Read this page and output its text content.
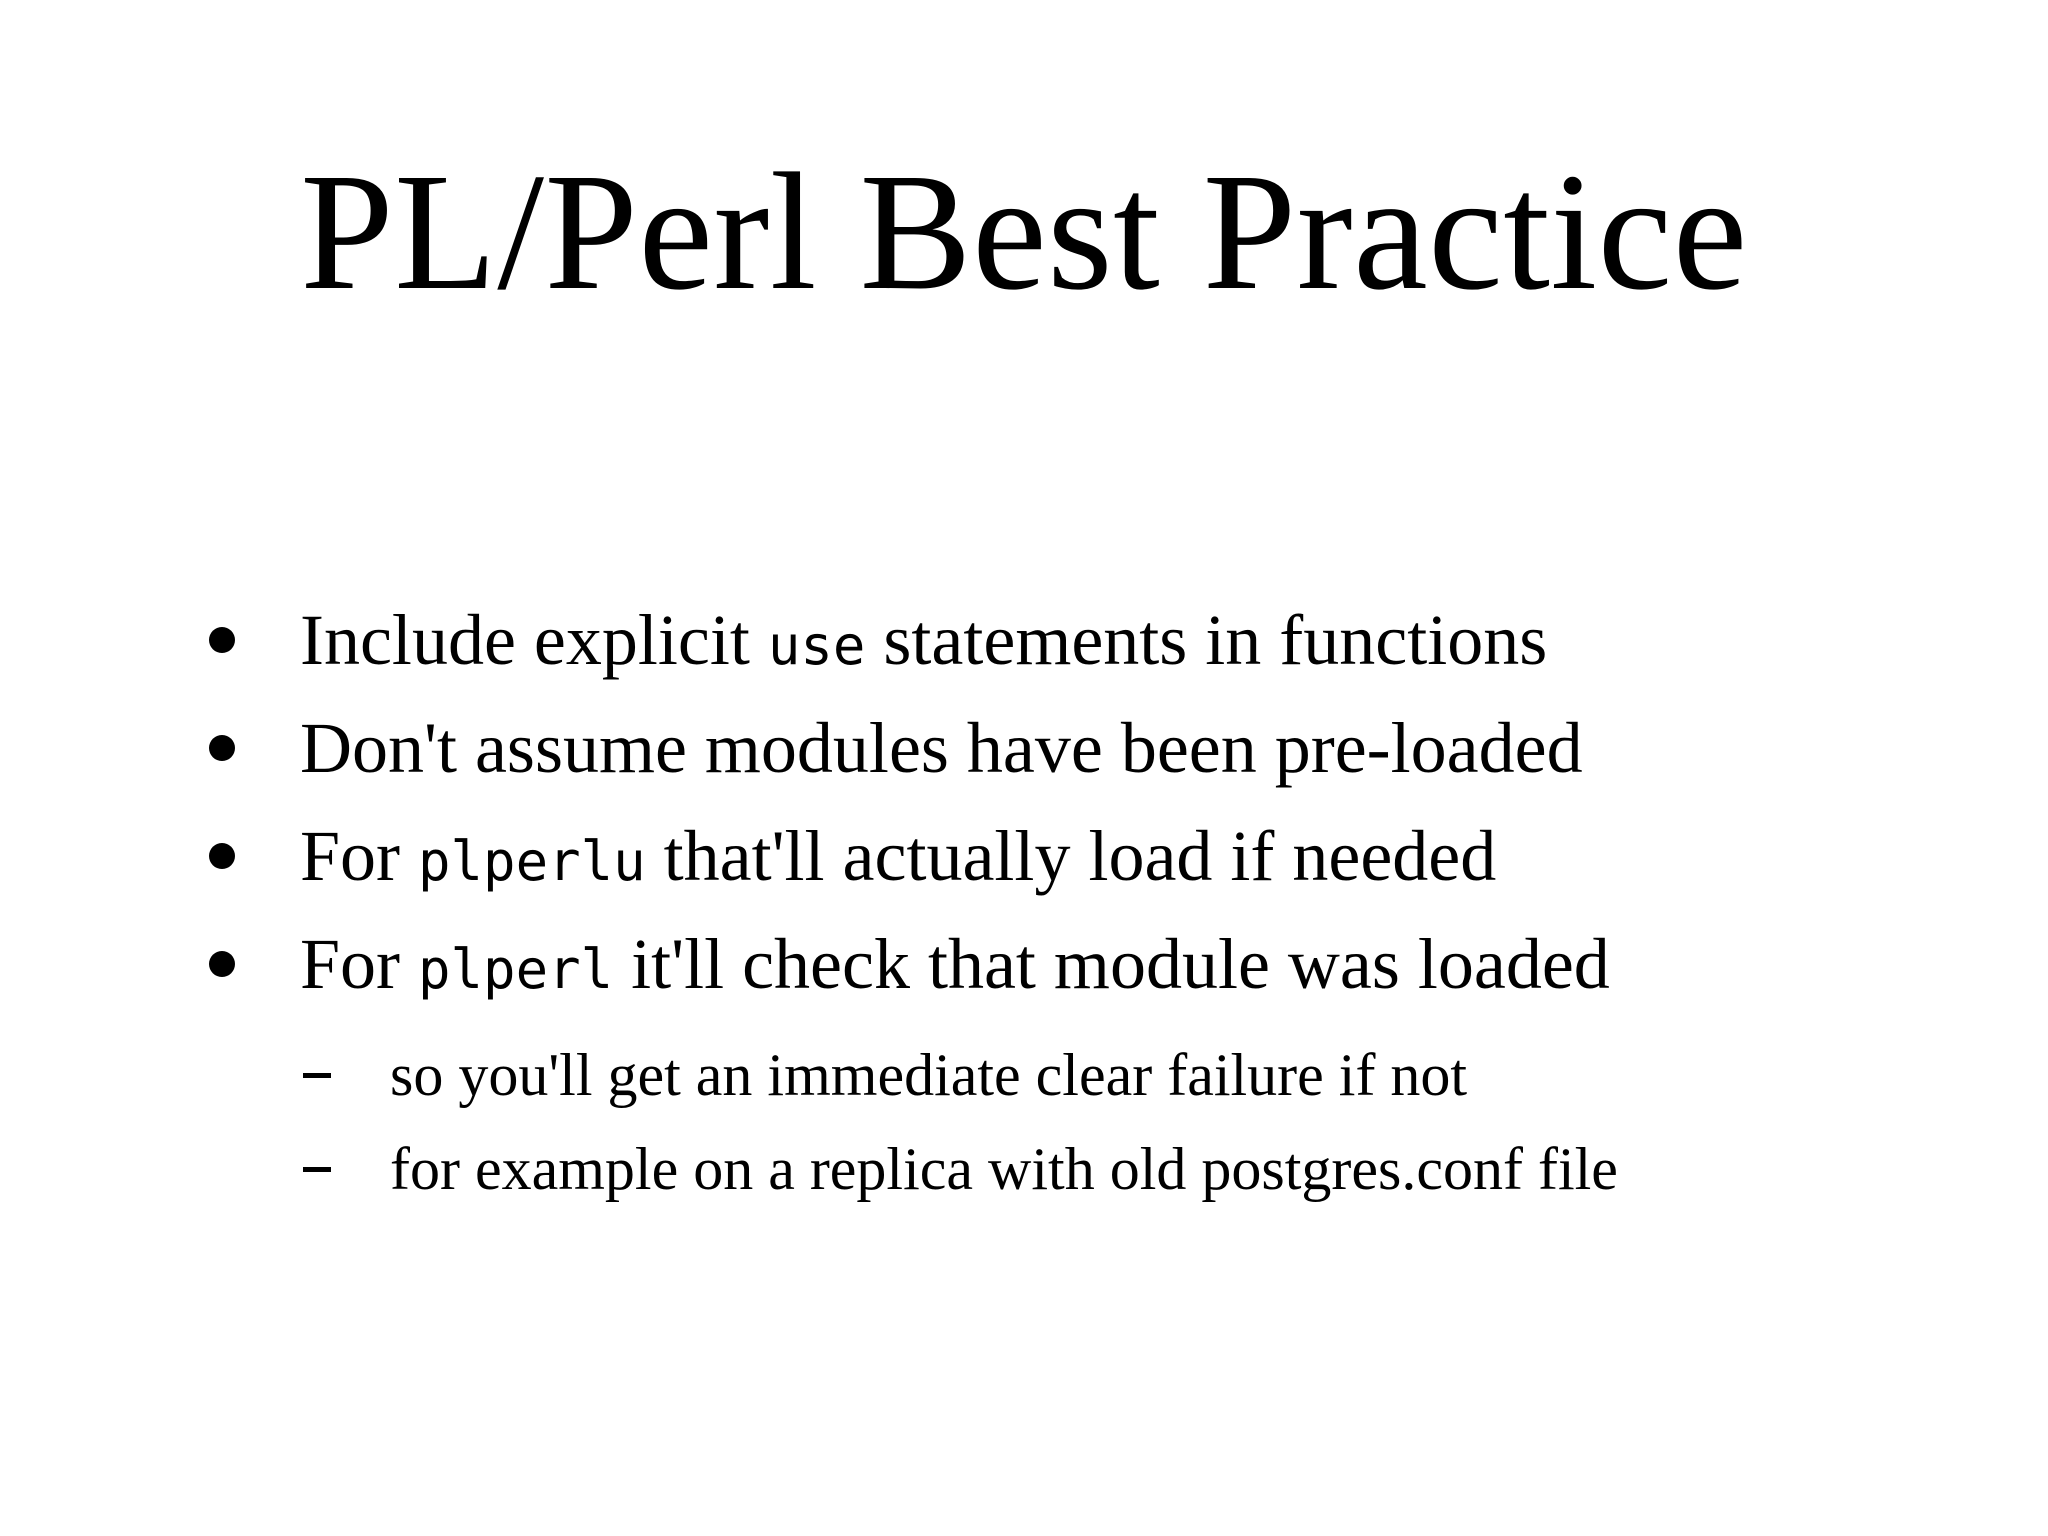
PL/Perl Best Practice
Include explicit use statements in functions
Don't assume modules have been pre-loaded
For plperlu that'll actually load if needed
For plperl it'll check that module was loaded
so you'll get an immediate clear failure if not
for example on a replica with old postgres.conf file
